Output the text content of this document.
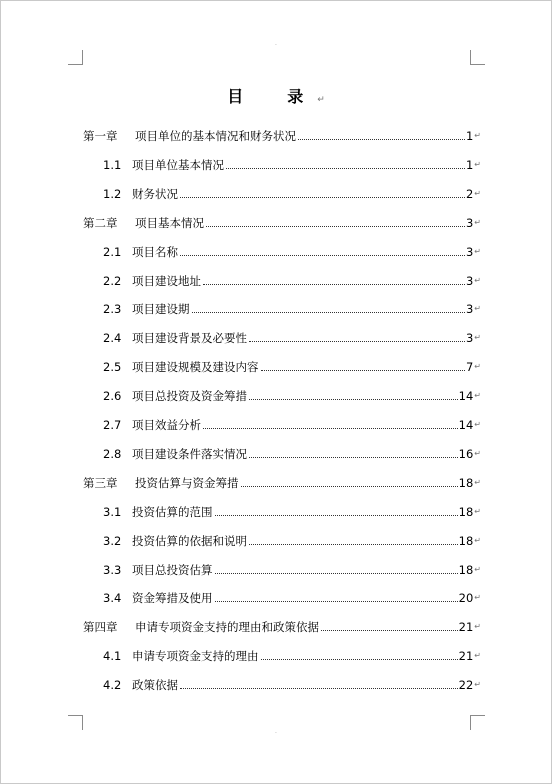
.
.
目　录↵
第一章	项目单位的基本情况和财务状况	1 ↵
1.1 项目单位基本情况	1 ↵
1.2 财务状况	2 ↵
第二章	项目基本情况	3 ↵
2.1 项目名称	3 ↵
2.2 项目建设地址	3 ↵
2.3 项目建设期	3 ↵
2.4 项目建设背景及必要性	3 ↵
2.5 项目建设规模及建设内容	7 ↵
2.6 项目总投资及资金筹措	14 ↵
2.7 项目效益分析	14 ↵
2.8 项目建设条件落实情况	16 ↵
第三章	投资估算与资金筹措	18 ↵
3.1 投资估算的范围	18 ↵
3.2 投资估算的依据和说明	18 ↵
3.3 项目总投资估算	18 ↵
3.4 资金筹措及使用	20 ↵
第四章	申请专项资金支持的理由和政策依据	21 ↵
4.1 申请专项资金支持的理由	21 ↵
4.2 政策依据	22 ↵
